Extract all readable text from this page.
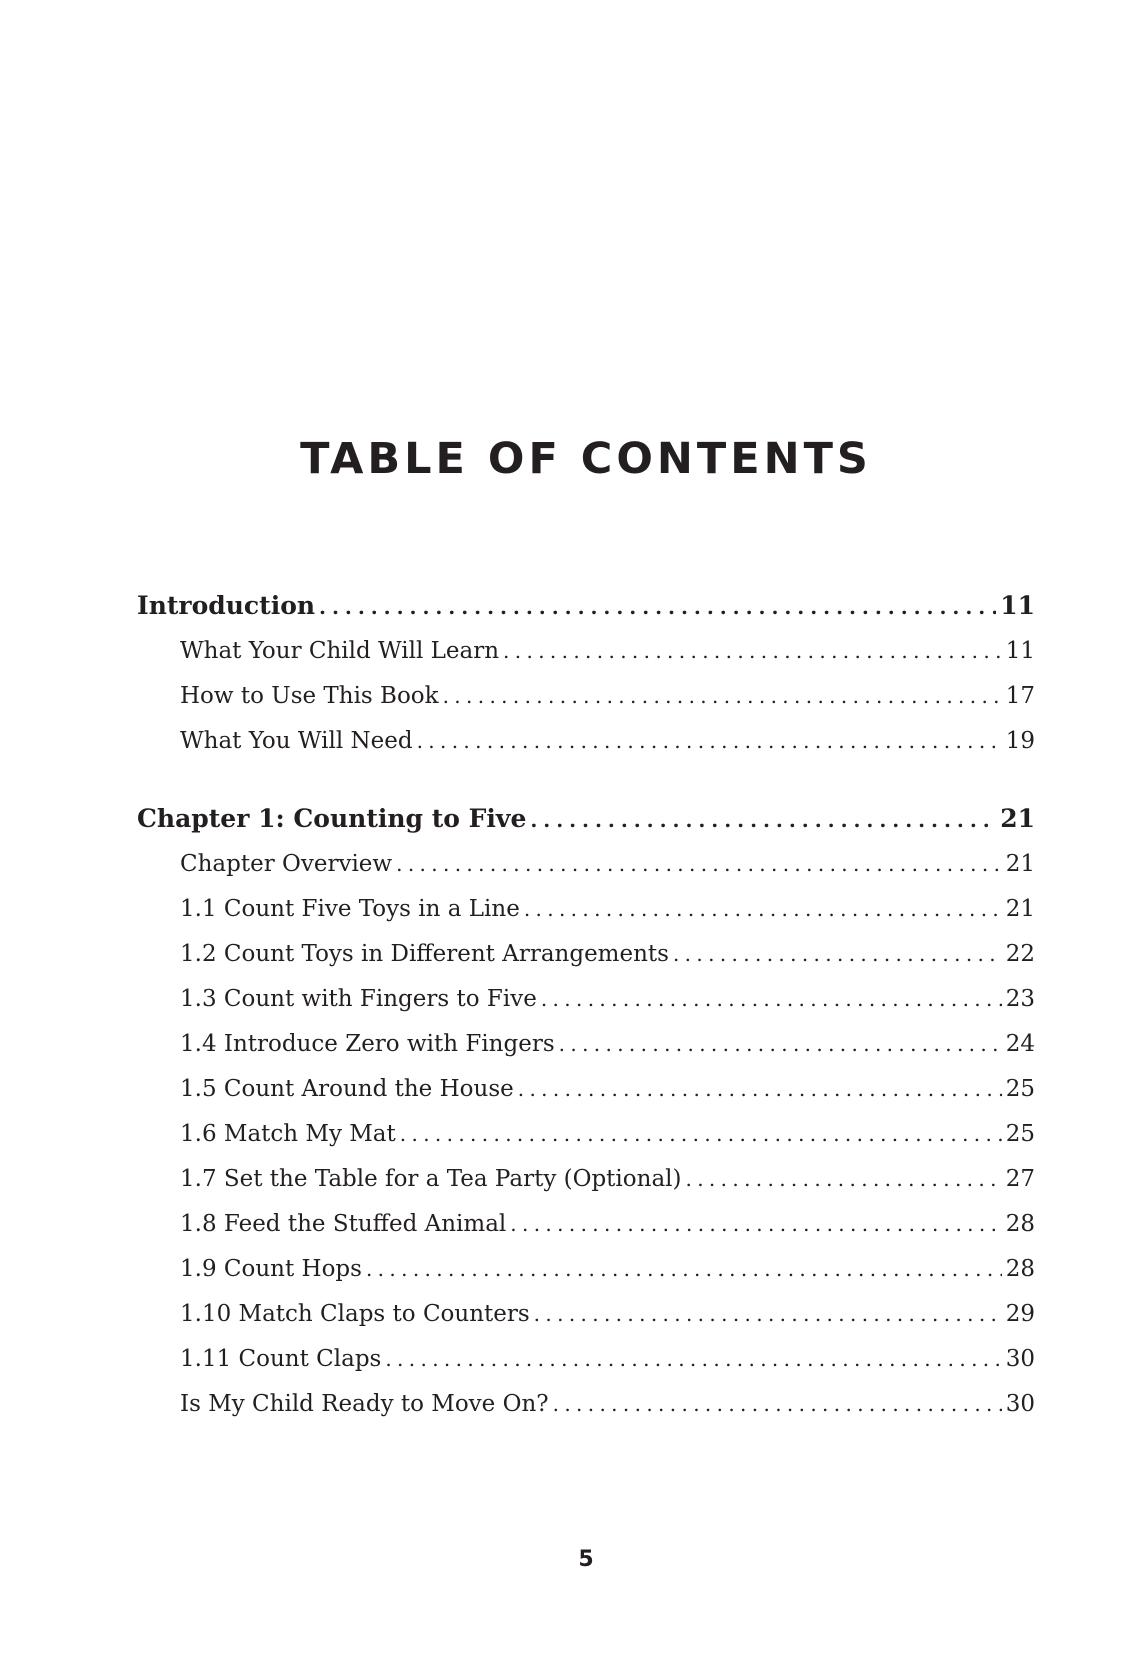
TABLE OF CONTENTS
Introduction . . .	11
What Your Child Will Learn . . .	11
How to Use This Book . . .	17
What You Will Need . . .	19
Chapter 1: Counting to Five . . .	21
Chapter Overview . . .	21
1.1 Count Five Toys in a Line . . .	21
1.2 Count Toys in Different Arrangements . . .	22
1.3 Count with Fingers to Five . . .	23
1.4 Introduce Zero with Fingers . . .	24
1.5 Count Around the House . . .	25
1.6 Match My Mat . . .	25
1.7 Set the Table for a Tea Party (Optional) . . .	27
1.8 Feed the Stuffed Animal . . .	28
1.9 Count Hops . . .	28
1.10 Match Claps to Counters . . .	29
1.11 Count Claps . . .	30
Is My Child Ready to Move On? . . .	30
5
